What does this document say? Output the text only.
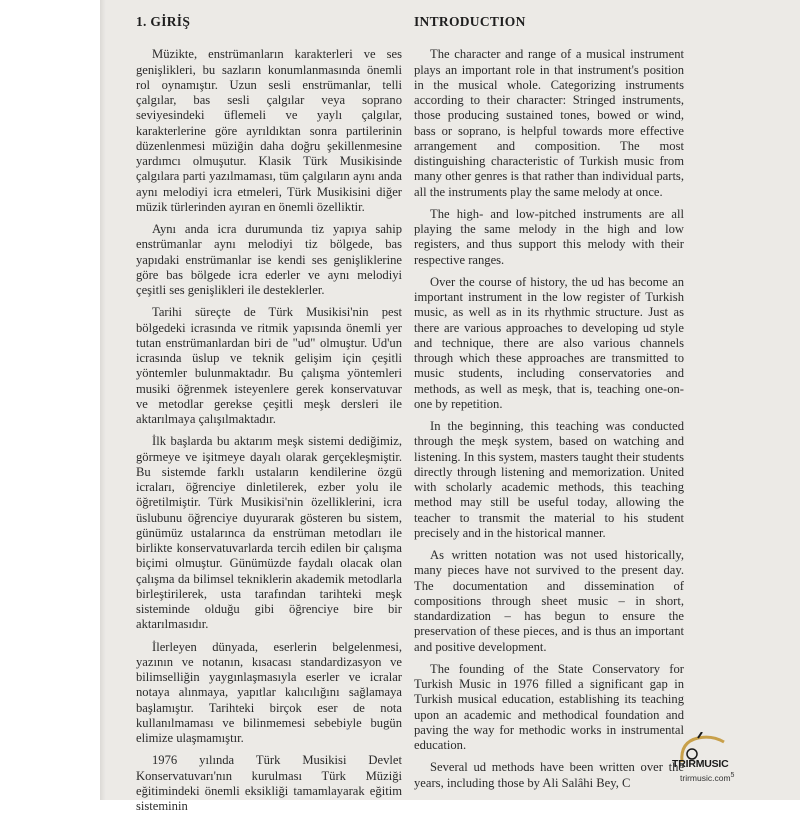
1. GİRİŞ

Müzikte, enstrümanların karakterleri ve ses genişlikleri, bu sazların konumlanmasında önemli rol oynamıştır. Uzun sesli enstrümanlar, telli çalgılar, bas sesli çalgılar veya soprano seviyesindeki üflemeli ve yaylı çalgılar, karakterlerine göre ayrıldıktan sonra partilerinin düzenlenmesi müziğin daha doğru şekillenmesine yardımcı olmuşutur. Klasik Türk Musikisinde çalgılara parti yazılmaması, tüm çalgıların aynı anda aynı melodiyi icra etmeleri, Türk Musikisini diğer müzik türlerinden ayıran en önemli özelliktir.

Aynı anda icra durumunda tiz yapıya sahip enstrümanlar aynı melodiyi tiz bölgede, bas yapıdaki enstrümanlar ise kendi ses genişliklerine göre bas bölgede icra ederler ve aynı melodiyi çeşitli ses genişlikleri ile desteklerler.

Tarihi süreçte de Türk Musikisi'nin pest bölgedeki icrasında ve ritmik yapısında önemli yer tutan enstrümanlardan biri de "ud" olmuştur. Ud'un icrasında üslup ve teknik gelişim için çeşitli yöntemler bulunmaktadır. Bu çalışma yöntemleri musiki öğrenmek isteyenlere gerek konservatuvar ve metodlar gerekse çeşitli meşk dersleri ile aktarılmaya çalışılmaktadır.

İlk başlarda bu aktarım meşk sistemi dediğimiz, görmeye ve işitmeye dayalı olarak gerçekleşmiştir. Bu sistemde farklı ustaların kendilerine özgü icraları, öğrenciye dinletilerek, ezber yolu ile öğretilmiştir. Türk Musikisi'nin özelliklerini, icra üslubunu öğrenciye duyurarak gösteren bu sistem, günümüz ustalarınca da enstrüman metodları ile birlikte konservatuvarlarda tercih edilen bir çalışma biçimi olmuştur. Günümüzde faydalı olacak olan çalışma da bilimsel tekniklerin akademik metodlarla birleştirilerek, usta tarafından tarihteki meşk sisteminde olduğu gibi öğrenciye bire bir aktarılmasıdır.

İlerleyen dünyada, eserlerin belgelenmesi, yazının ve notanın, kısacası standardizasyon ve bilimselliğin yaygınlaşmasıyla eserler ve icralar notaya alınmaya, yapıtlar kalıcılığını sağlamaya başlamıştır. Tarihteki birçok eser de nota kullanılmaması ve bilinmemesi sebebiyle bugün elimize ulaşmamıştır.

1976 yılında Türk Musikisi Devlet Konservatuvarı'nın kurulması Türk Müziği eğitimindeki önemli eksikliği tamamlayarak eğitim sisteminin

INTRODUCTION

The character and range of a musical instrument plays an important role in that instrument's position in the musical whole. Categorizing instruments according to their character: Stringed instruments, those producing sustained tones, bowed or wind, bass or soprano, is helpful towards more effective arrangement and composition. The most distinguishing characteristic of Turkish music from many other genres is that rather than individual parts, all the instruments play the same melody at once.

The high- and low-pitched instruments are all playing the same melody in the high and low registers, and thus support this melody with their respective ranges.

Over the course of history, the ud has become an important instrument in the low register of Turkish music, as well as in its rhythmic structure. Just as there are various approaches to developing ud style and technique, there are also various channels through which these approaches are transmitted to music students, including conservatories and methods, as well as meşk, that is, teaching one-on-one by repetition.

In the beginning, this teaching was conducted through the meşk system, based on watching and listening. In this system, masters taught their students directly through listening and memorization. United with scholarly academic methods, this teaching method may still be useful today, allowing the teacher to transmit the material to his student precisely and in the historical manner.

As written notation was not used historically, many pieces have not survived to the present day. The documentation and dissemination of compositions through sheet music – in short, standardization – has begun to ensure the preservation of these pieces, and is thus an important and positive development.

The founding of the State Conservatory for Turkish Music in 1976 filled a significant gap in Turkish musical education, establishing its teaching upon an academic and methodical foundation and paving the way for methodic works in instrumental education.

Several ud methods have been written over the years, including those by Ali Salâhi Bey, C

TRIRMUSIC
trirmusic.com$^5$
